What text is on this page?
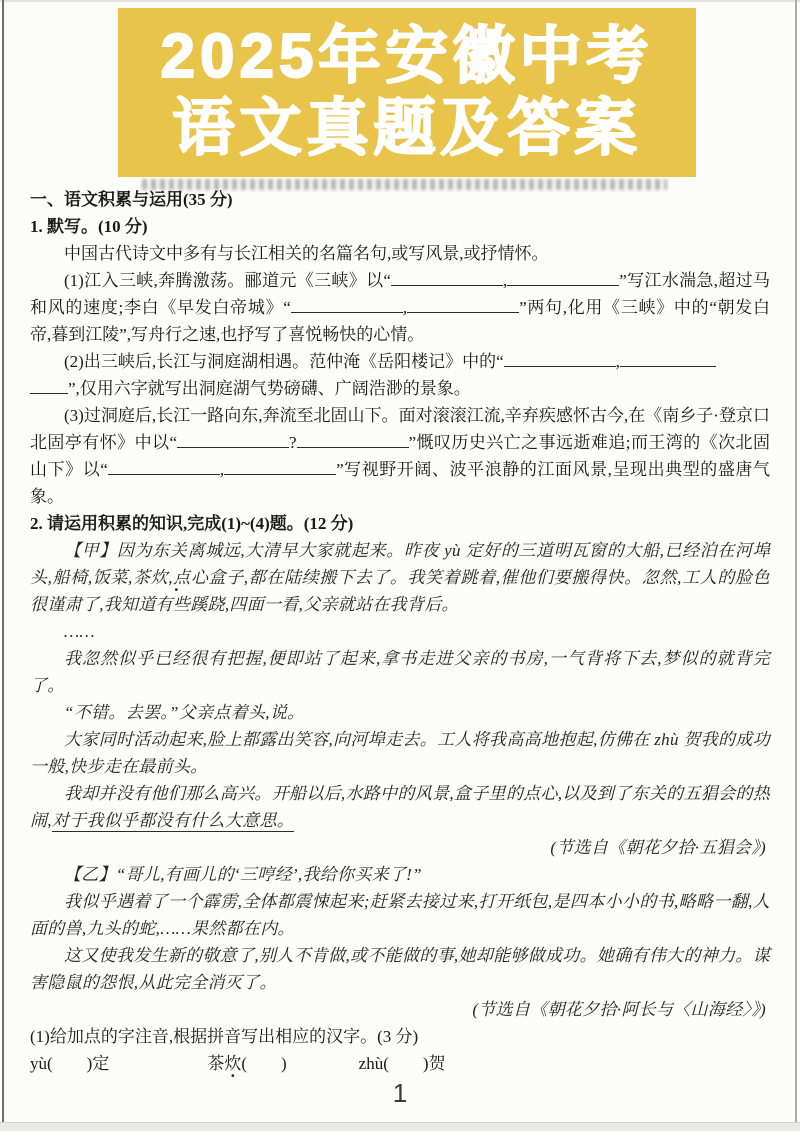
2025年安徽中考
语文真题及答案

一、语文积累与运用(35 分)

1. 默写。(10 分)

中国古代诗文中多有与长江相关的名篇名句,或写风景,或抒情怀。

(1)江入三峡,奔腾激荡。郦道元《三峡》以“	,	”写江水湍急,超过马和风的速度;李白《早发白帝城》“	,	”两句,化用《三峡》中的“朝发白帝,暮到江陵”,写舟行之速,也抒写了喜悦畅快的心情。

(2)出三峡后,长江与洞庭湖相遇。范仲淹《岳阳楼记》中的“	,
”,仅用六字就写出洞庭湖气势磅礴、广阔浩渺的景象。

(3)过洞庭后,长江一路向东,奔流至北固山下。面对滚滚江流,辛弃疾感怀古今,在《南乡子·登京口北固亭有怀》中以“	?	”慨叹历史兴亡之事远逝难追;而王湾的《次北固山下》以“	,	”写视野开阔、波平浪静的江面风景,呈现出典型的盛唐气象。

2. 请运用积累的知识,完成(1)~(4)题。(12 分)

【甲】因为东关离城远,大清早大家就起来。昨夜 yù 定好的三道明瓦窗的大船,已经泊在河埠头,船椅,饭菜,茶炊,点心盒子,都在陆续搬下去了。我笑着跳着,催他们要搬得快。忽然,工人的脸色很谨肃了,我知道有些蹊跷,四面一看,父亲就站在我背后。

……

我忽然似乎已经很有把握,便即站了起来,拿书走进父亲的书房,一气背将下去,梦似的就背完了。

“不错。去罢。”父亲点着头,说。

大家同时活动起来,脸上都露出笑容,向河埠走去。工人将我高高地抱起,仿佛在 zhù 贺我的成功一般,快步走在最前头。

我却并没有他们那么高兴。开船以后,水路中的风景,盒子里的点心,以及到了东关的五猖会的热闹,对于我似乎都没有什么大意思。

(节选自《朝花夕拾·五猖会》)

【乙】“哥儿,有画儿的‘三哼经’,我给你买来了!”

我似乎遇着了一个霹雳,全体都震悚起来;赶紧去接过来,打开纸包,是四本小小的书,略略一翻,人面的兽,九头的蛇,……果然都在内。

这又使我发生新的敬意了,别人不肯做,或不能做的事,她却能够做成功。她确有伟大的神力。谋害隐鼠的怨恨,从此完全消灭了。

(节选自《朝花夕拾·阿长与〈山海经〉》)

(1)给加点的字注音,根据拼音写出相应的汉字。(3 分)

yù(　　)定	茶炊(　　)	zhù(　　)贺

1
